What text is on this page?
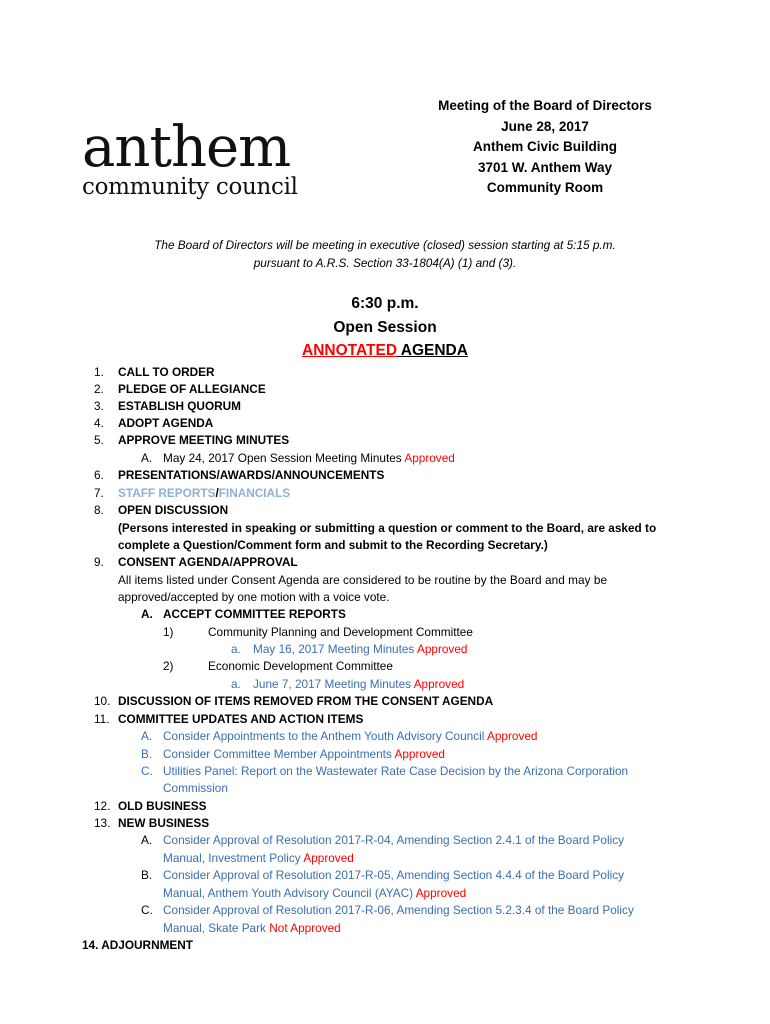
anthem
community council
Meeting of the Board of Directors
June 28, 2017
Anthem Civic Building
3701 W. Anthem Way
Community Room
The Board of Directors will be meeting in executive (closed) session starting at 5:15 p.m.
pursuant to A.R.S. Section 33-1804(A) (1) and (3).
6:30 p.m.
Open Session
ANNOTATED AGENDA
1. CALL TO ORDER
2. PLEDGE OF ALLEGIANCE
3. ESTABLISH QUORUM
4. ADOPT AGENDA
5. APPROVE MEETING MINUTES
A. May 24, 2017 Open Session Meeting Minutes Approved
6. PRESENTATIONS/AWARDS/ANNOUNCEMENTS
7. STAFF REPORTS/FINANCIALS
8. OPEN DISCUSSION
(Persons interested in speaking or submitting a question or comment to the Board, are asked to
complete a Question/Comment form and submit to the Recording Secretary.)
9. CONSENT AGENDA/APPROVAL
All items listed under Consent Agenda are considered to be routine by the Board and may be
approved/accepted by one motion with a voice vote.
A. ACCEPT COMMITTEE REPORTS
1)	Community Planning and Development Committee
a. May 16, 2017 Meeting Minutes Approved
2)	Economic Development Committee
a. June 7, 2017 Meeting Minutes Approved
10. DISCUSSION OF ITEMS REMOVED FROM THE CONSENT AGENDA
11. COMMITTEE UPDATES AND ACTION ITEMS
A. Consider Appointments to the Anthem Youth Advisory Council Approved
B. Consider Committee Member Appointments Approved
C. Utilities Panel: Report on the Wastewater Rate Case Decision by the Arizona Corporation
Commission
12. OLD BUSINESS
13. NEW BUSINESS
A. Consider Approval of Resolution 2017-R-04, Amending Section 2.4.1 of the Board Policy
Manual, Investment Policy Approved
B. Consider Approval of Resolution 2017-R-05, Amending Section 4.4.4 of the Board Policy
Manual, Anthem Youth Advisory Council (AYAC) Approved
C. Consider Approval of Resolution 2017-R-06, Amending Section 5.2.3.4 of the Board Policy
Manual, Skate Park Not Approved
14. ADJOURNMENT
